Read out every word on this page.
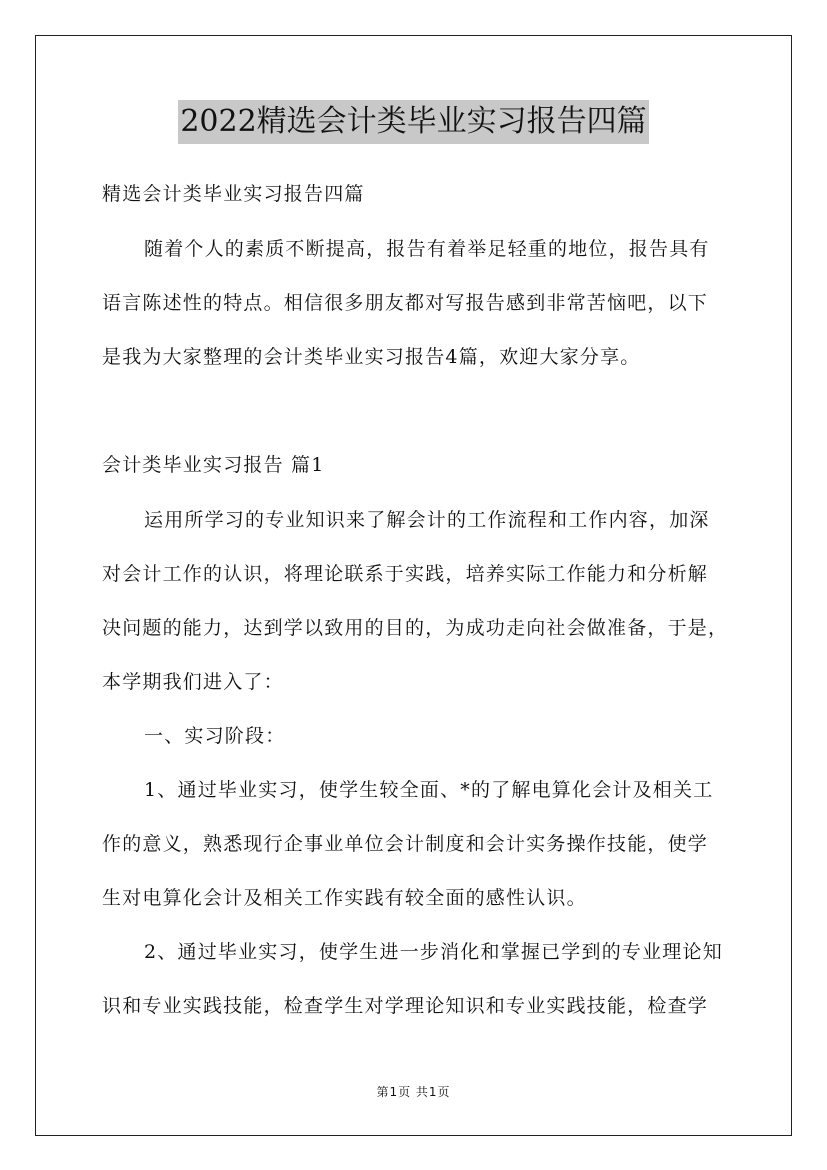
2022精选会计类毕业实习报告四篇
精选会计类毕业实习报告四篇
随着个人的素质不断提高，报告有着举足轻重的地位，报告具有
语言陈述性的特点。相信很多朋友都对写报告感到非常苦恼吧，以下
是我为大家整理的会计类毕业实习报告4篇，欢迎大家分享。
会计类毕业实习报告 篇1
运用所学习的专业知识来了解会计的工作流程和工作内容，加深
对会计工作的认识，将理论联系于实践，培养实际工作能力和分析解
决问题的能力，达到学以致用的目的，为成功走向社会做准备，于是，
本学期我们进入了：
一、实习阶段：
1、通过毕业实习，使学生较全面、*的了解电算化会计及相关工
作的意义，熟悉现行企事业单位会计制度和会计实务操作技能，使学
生对电算化会计及相关工作实践有较全面的感性认识。
2、通过毕业实习，使学生进一步消化和掌握已学到的专业理论知
识和专业实践技能，检查学生对学理论知识和专业实践技能，检查学
第1页 共1页
